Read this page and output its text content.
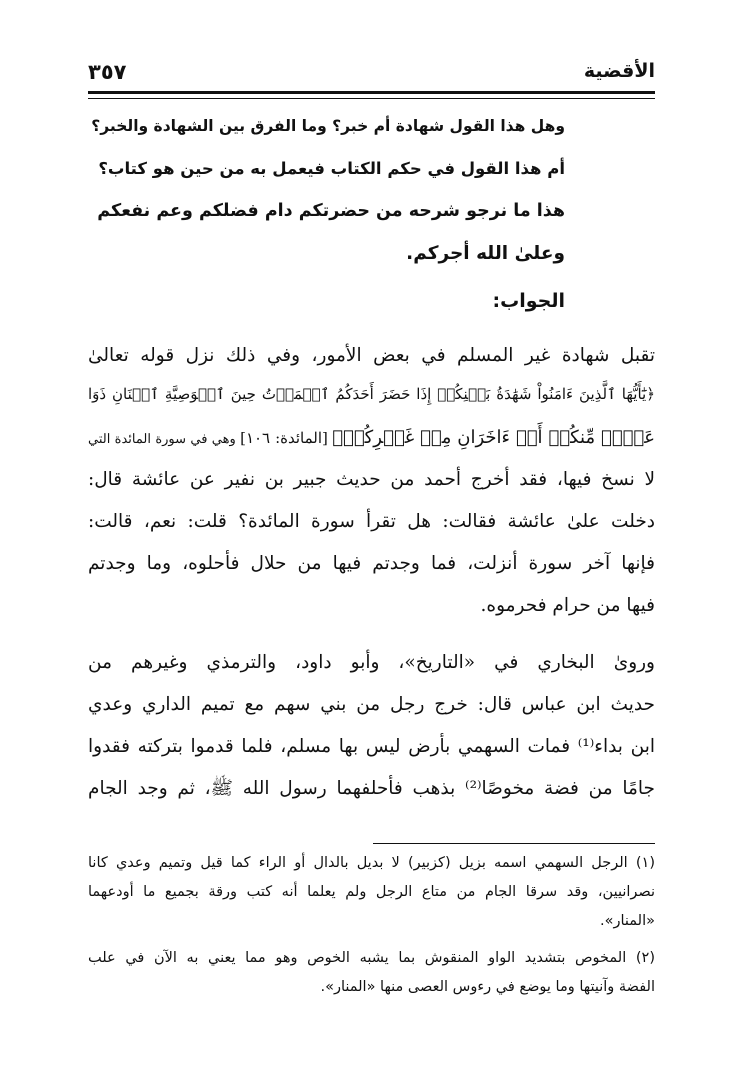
الأقضية
٣٥٧
وهل هذا القول شهادة أم خبر؟ وما الفرق بين الشهادة والخبر؟
أم هذا القول في حكم الكتاب فيعمل به من حين هو كتاب؟
هذا ما نرجو شرحه من حضرتكم دام فضلكم وعم نفعكم
وعلىٰ الله أجركم.
الجواب:
تقبل شهادة غير المسلم في بعض الأمور، وفي ذلك نزل قوله تعالىٰ
﴿يَٰٓأَيُّهَا ٱلَّذِينَ ءَامَنُواْ شَهَٰدَةُ بَيۡنِكُمۡ إِذَا حَضَرَ أَحَدَكُمُ ٱلۡمَوۡتُ حِينَ ٱلۡوَصِيَّةِ ٱثۡنَانِ ذَوَا
عَدۡلٖ مِّنكُمۡ أَوۡ ءَاخَرَانِ مِنۡ غَيۡرِكُمۡ﴾ [المائدة: ١٠٦] وهي في سورة المائدة التي
لا نسخ فيها، فقد أخرج أحمد من حديث جبير بن نفير عن عائشة قال:
دخلت علىٰ عائشة فقالت: هل تقرأ سورة المائدة؟ قلت: نعم، قالت:
فإنها آخر سورة أنزلت، فما وجدتم فيها من حلال فأحلوه، وما وجدتم
فيها من حرام فحرموه.
وروىٰ البخاري في «التاريخ»، وأبو داود، والترمذي وغيرهم من
حديث ابن عباس قال: خرج رجل من بني سهم مع تميم الداري وعدي
ابن بداء⁽¹⁾ فمات السهمي بأرض ليس بها مسلم، فلما قدموا بتركته فقدوا
جامًا من فضة مخوصًا⁽²⁾ بذهب فأحلفهما رسول الله ﷺ، ثم وجد الجام
(١) الرجل السهمي اسمه بزيل (كزبير) لا بديل بالدال أو الراء كما قيل وتميم وعدي كانا
نصرانيين، وقد سرقا الجام من متاع الرجل ولم يعلما أنه كتب ورقة بجميع ما أودعهما
«المنار».
(٢) المخوص بتشديد الواو المنقوش بما يشبه الخوص وهو مما يعني به الآن في علب
الفضة وآنيتها وما يوضع في رءوس العصى منها «المنار».
